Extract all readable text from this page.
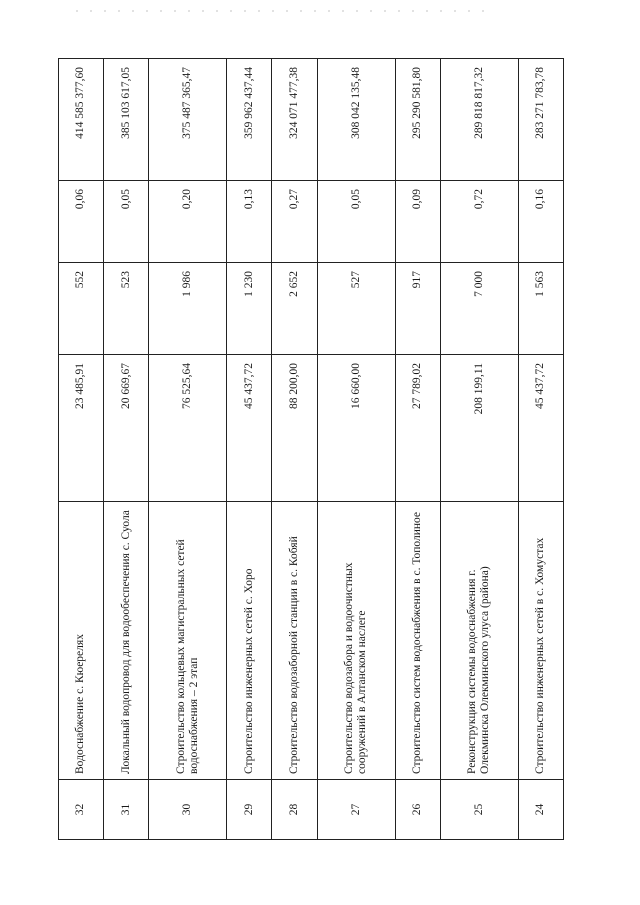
32	Водоснабжение с. Кюерелях	23 485,91	552	0,06	414 585 377,60
31	Локальный водопровод для водообеспечения с. Суола	20 669,67	523	0,05	385 103 617,05
30	Строительство кольцевых магистральных сетей водоснабжения – 2 этап	76 525,64	1 986	0,20	375 487 365,47
29	Строительство инженерных сетей с. Хоро	45 437,72	1 230	0,13	359 962 437,44
28	Строительство водозаборной станции в с. Кобяй	88 200,00	2 652	0,27	324 071 477,38
27	Строительство водозабора и водоочистных сооружений в Алтанском наслеге	16 660,00	527	0,05	308 042 135,48
26	Строительство систем водоснабжения в с. Тополиное	27 789,02	917	0,09	295 290 581,80
25	Реконструкция системы водоснабжения г. Олекминска Олекминского улуса (района)	208 199,11	7 000	0,72	289 818 817,32
24	Строительство инженерных сетей в с. Хомустах	45 437,72	1 563	0,16	283 271 783,78
